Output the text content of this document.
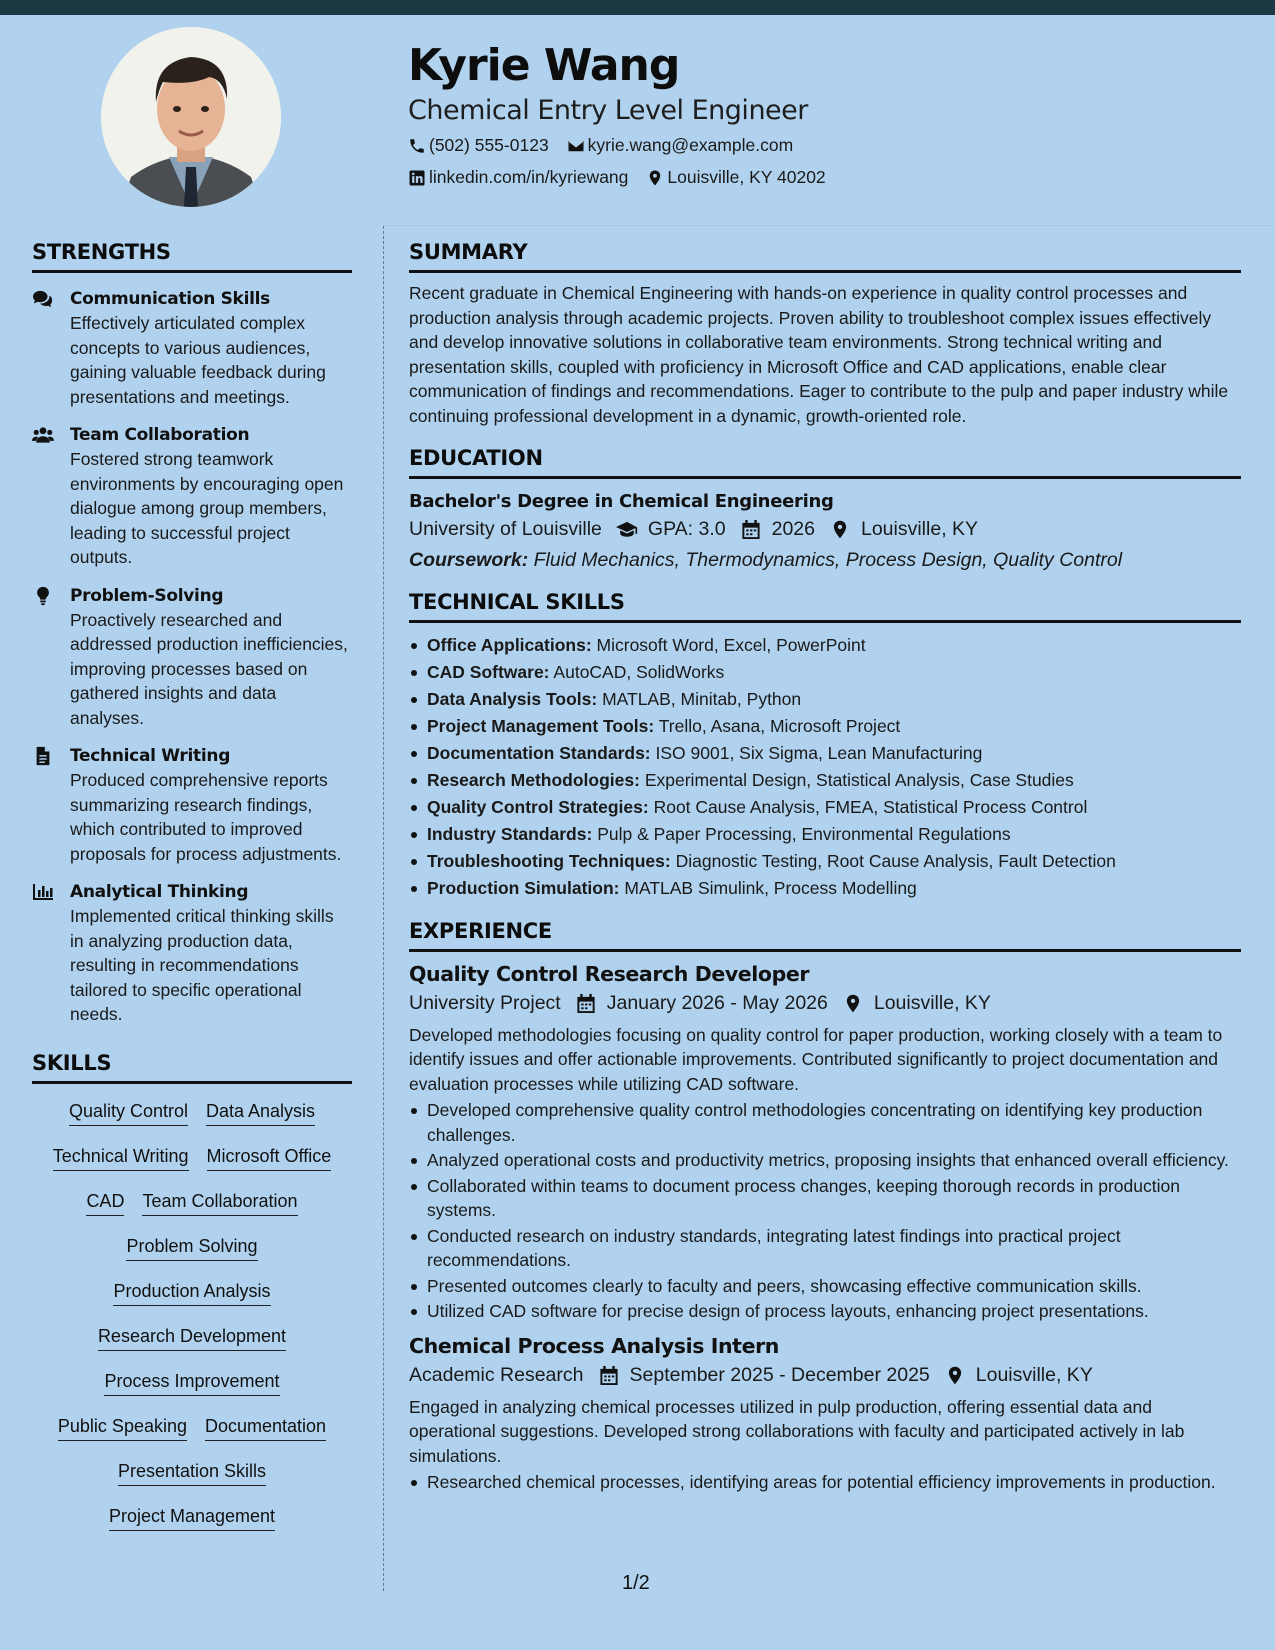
Kyrie Wang
Chemical Entry Level Engineer
(502) 555-0123 kyrie.wang@example.com
linkedin.com/in/kyriewang Louisville, KY 40202
STRENGTHS
Communication Skills
Effectively articulated complex concepts to various audiences, gaining valuable feedback during presentations and meetings.
Team Collaboration
Fostered strong teamwork environments by encouraging open dialogue among group members, leading to successful project outputs.
Problem-Solving
Proactively researched and addressed production inefficiencies, improving processes based on gathered insights and data analyses.
Technical Writing
Produced comprehensive reports summarizing research findings, which contributed to improved proposals for process adjustments.
Analytical Thinking
Implemented critical thinking skills in analyzing production data, resulting in recommendations tailored to specific operational needs.
SKILLS
Quality Control Data Analysis
Technical Writing Microsoft Office
CAD Team Collaboration
Problem Solving
Production Analysis
Research Development
Process Improvement
Public Speaking Documentation
Presentation Skills
Project Management
SUMMARY
Recent graduate in Chemical Engineering with hands-on experience in quality control processes and production analysis through academic projects. Proven ability to troubleshoot complex issues effectively and develop innovative solutions in collaborative team environments. Strong technical writing and presentation skills, coupled with proficiency in Microsoft Office and CAD applications, enable clear communication of findings and recommendations. Eager to contribute to the pulp and paper industry while continuing professional development in a dynamic, growth-oriented role.
EDUCATION
Bachelor's Degree in Chemical Engineering
University of Louisville GPA: 3.0 2026 Louisville, KY
Coursework: Fluid Mechanics, Thermodynamics, Process Design, Quality Control
TECHNICAL SKILLS
Office Applications: Microsoft Word, Excel, PowerPoint
CAD Software: AutoCAD, SolidWorks
Data Analysis Tools: MATLAB, Minitab, Python
Project Management Tools: Trello, Asana, Microsoft Project
Documentation Standards: ISO 9001, Six Sigma, Lean Manufacturing
Research Methodologies: Experimental Design, Statistical Analysis, Case Studies
Quality Control Strategies: Root Cause Analysis, FMEA, Statistical Process Control
Industry Standards: Pulp & Paper Processing, Environmental Regulations
Troubleshooting Techniques: Diagnostic Testing, Root Cause Analysis, Fault Detection
Production Simulation: MATLAB Simulink, Process Modelling
EXPERIENCE
Quality Control Research Developer
University Project January 2026 - May 2026 Louisville, KY
Developed methodologies focusing on quality control for paper production, working closely with a team to identify issues and offer actionable improvements. Contributed significantly to project documentation and evaluation processes while utilizing CAD software.
Developed comprehensive quality control methodologies concentrating on identifying key production challenges.
Analyzed operational costs and productivity metrics, proposing insights that enhanced overall efficiency.
Collaborated within teams to document process changes, keeping thorough records in production systems.
Conducted research on industry standards, integrating latest findings into practical project recommendations.
Presented outcomes clearly to faculty and peers, showcasing effective communication skills.
Utilized CAD software for precise design of process layouts, enhancing project presentations.
Chemical Process Analysis Intern
Academic Research September 2025 - December 2025 Louisville, KY
Engaged in analyzing chemical processes utilized in pulp production, offering essential data and operational suggestions. Developed strong collaborations with faculty and participated actively in lab simulations.
Researched chemical processes, identifying areas for potential efficiency improvements in production.
1/2
